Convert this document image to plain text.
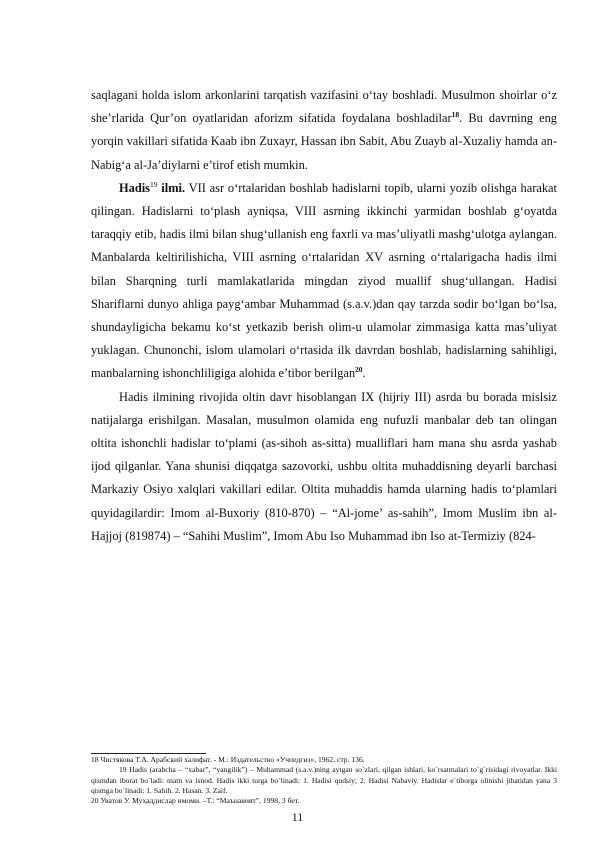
saqlagani holda islom arkonlarini tarqatish vazifasini o‘tay boshladi. Musulmon shoirlar o‘z she’rlarida Qur’on oyatlaridan aforizm sifatida foydalana boshladilar$^{18}$. Bu davrning eng yorqin vakillari sifatida Kaab ibn Zuxayr, Hassan ibn Sabit, Abu Zuayb al-Xuzaliy hamda an-Nabig‘a al-Ja’diylarni e’tirof etish mumkin.

Hadis$^{19}$ ilmi. VII asr o‘rtalaridan boshlab hadislarni topib, ularni yozib olishga harakat qilingan. Hadislarni to‘plash ayniqsa, VIII asrning ikkinchi yarmidan boshlab g‘oyatda taraqqiy etib, hadis ilmi bilan shug‘ullanish eng faxrli va mas’uliyatli mashg‘ulotga aylangan. Manbalarda keltirilishicha, VIII asrning o‘rtalaridan XV asrning o‘rtalarigacha hadis ilmi bilan Sharqning turli mamlakatlarida mingdan ziyod muallif shug‘ullangan. Hadisi Shariflarni dunyo ahliga payg‘ambar Muhammad (s.a.v.)dan qay tarzda sodir bo‘lgan bo‘lsa, shundayligicha bekamu ko‘st yetkazib berish olim-u ulamolar zimmasiga katta mas’uliyat yuklagan. Chunonchi, islom ulamolari o‘rtasida ilk davrdan boshlab, hadislarning sahihligi, manbalarning ishonchliligiga alohida e’tibor berilgan$^{20}$.

Hadis ilmining rivojida oltin davr hisoblangan IX (hijriy III) asrda bu borada mislsiz natijalarga erishilgan. Masalan, musulmon olamida eng nufuzli manbalar deb tan olingan oltita ishonchli hadislar to‘plami (as-sihoh as-sitta) mualliflari ham mana shu asrda yashab ijod qilganlar. Yana shunisi diqqatga sazovorki, ushbu oltita muhaddisning deyarli barchasi Markaziy Osiyo xalqlari vakillari edilar. Oltita muhaddis hamda ularning hadis to‘plamlari quyidagilardir: Imom al-Buxoriy (810-870) – “Al-jome’ as-sahih”, Imom Muslim ibn al-Hajjoj (819874) – “Sahihi Muslim”, Imom Abu Iso Muhammad ibn Iso at-Termiziy (824-

18 Чистякова Т.А. Арабский халифат. - М.: Издательство «Учпедгиз», 1962, стр. 136.

19 Hadis (arabcha – “xabar”, “yangilik”) – Muhammad (s.a.v.)ning aytgan so`zlari, qilgan ishlari, ko`rsatmalari to`g`risidagi rivoyatlar. Ikki qismdan iborat bo`ladi: matn va isnod. Hadis ikki turga bo`linadi: 1. Hadisi qudsiy; 2. Hadisi Nabaviy. Hadislar e`tiborga olinishi jihatidan yana 3 qismga bo`linadi: 1. Sahih. 2. Hasan. 3. Zaif.

20 Уватов У. Муҳаддислар имоми. –Т.: “Маънавият”, 1998, 3 бет.

11
